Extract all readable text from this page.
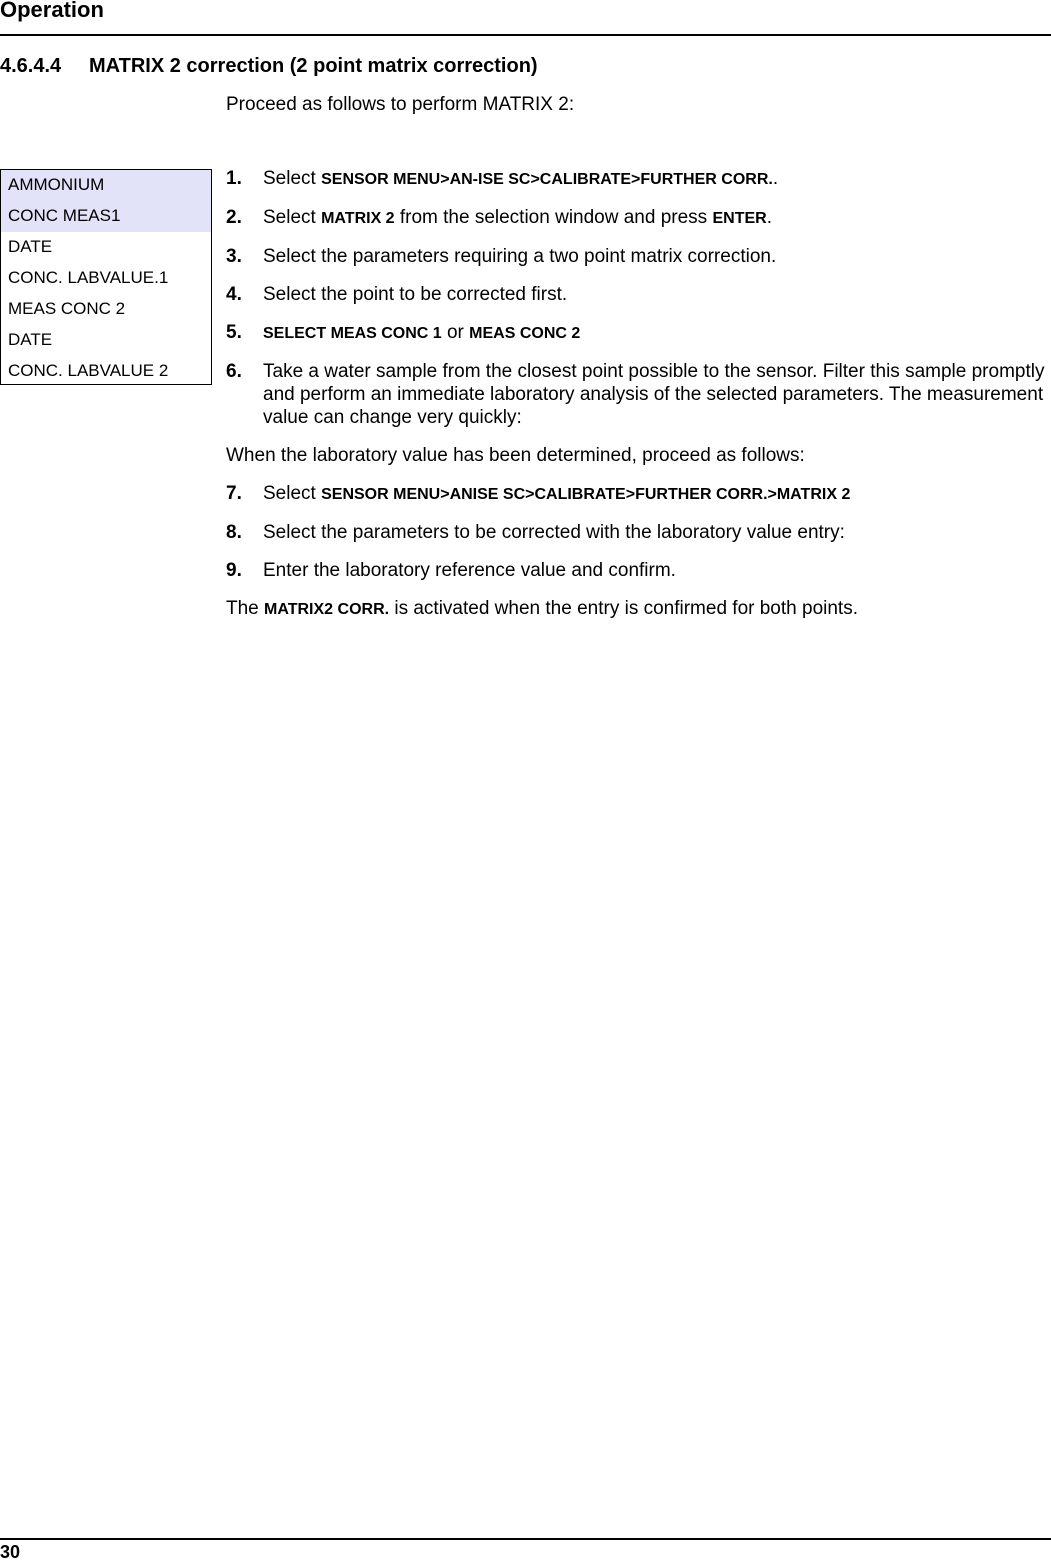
Operation
4.6.4.4 MATRIX 2 correction (2 point matrix correction)
Proceed as follows to perform MATRIX 2:
AMMONIUM
CONC MEAS1
DATE
CONC. LABVALUE.1
MEAS CONC 2
DATE
CONC. LABVALUE 2
1.	Select SENSOR MENU>AN-ISE SC>CALIBRATE>FURTHER CORR..
2.	Select MATRIX 2 from the selection window and press ENTER.
3.	Select the parameters requiring a two point matrix correction.
4.	Select the point to be corrected first.
5.	SELECT MEAS CONC 1 or MEAS CONC 2
6.	Take a water sample from the closest point possible to the sensor. Filter this sample promptly and perform an immediate laboratory analysis of the selected parameters. The measurement value can change very quickly:
When the laboratory value has been determined, proceed as follows:
7.	Select SENSOR MENU>ANISE SC>CALIBRATE>FURTHER CORR.>MATRIX 2
8.	Select the parameters to be corrected with the laboratory value entry:
9.	Enter the laboratory reference value and confirm.
The MATRIX2 CORR. is activated when the entry is confirmed for both points.
30
